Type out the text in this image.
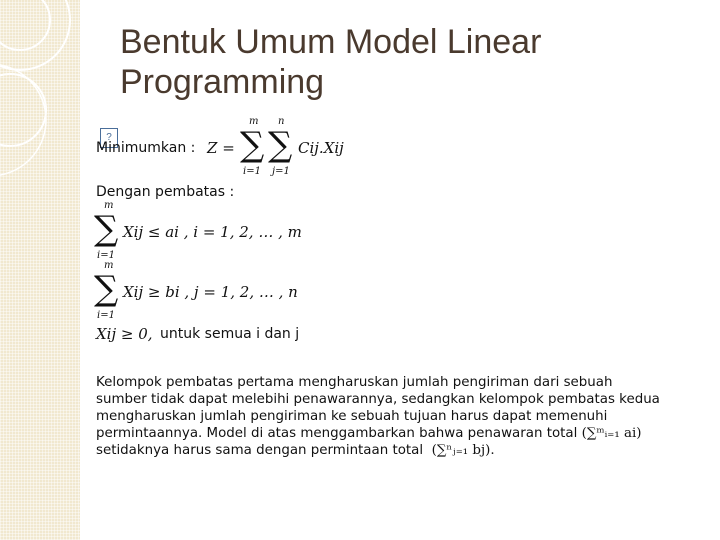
Bentuk Umum Model Linear
Programming
?
Minimumkan : Z =
m
∑
i=1
n
∑
j=1
Cij.Xij
Dengan pembatas :
m
∑
i=1
Xij ≤ ai , i = 1, 2, … , m
m
∑
i=1
Xij ≥ bi , j = 1, 2, … , n
Xij ≥ 0, untuk semua i dan j

Kelompok pembatas pertama mengharuskan jumlah pengiriman dari sebuah

sumber tidak dapat melebihi penawarannya, sedangkan kelompok pembatas kedua

mengharuskan jumlah pengiriman ke sebuah tujuan harus dapat memenuhi

permintaannya. Model di atas menggambarkan bahwa penawaran total (∑ᵐᵢ₌₁ ai)

setidaknya harus sama dengan permintaan total (∑ⁿⱼ₌₁ bj).
